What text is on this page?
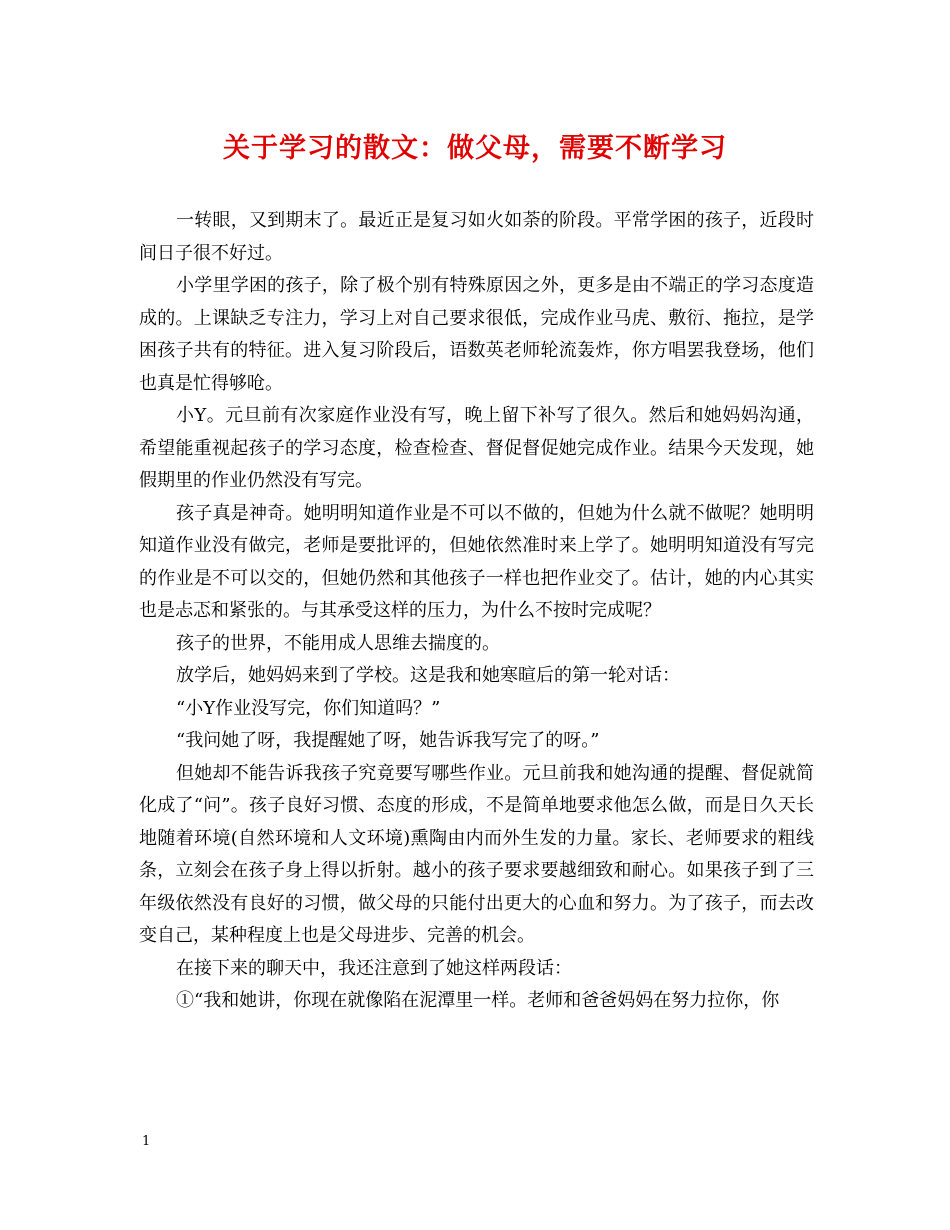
关于学习的散文：做父母，需要不断学习

一转眼，又到期末了。最近正是复习如火如荼的阶段。平常学困的孩子，近段时间日子很不好过。

小学里学困的孩子，除了极个别有特殊原因之外，更多是由不端正的学习态度造成的。上课缺乏专注力，学习上对自己要求很低，完成作业马虎、敷衍、拖拉，是学困孩子共有的特征。进入复习阶段后，语数英老师轮流轰炸，你方唱罢我登场，他们也真是忙得够呛。

小Y。元旦前有次家庭作业没有写，晚上留下补写了很久。然后和她妈妈沟通，希望能重视起孩子的学习态度，检查检查、督促督促她完成作业。结果今天发现，她假期里的作业仍然没有写完。

孩子真是神奇。她明明知道作业是不可以不做的，但她为什么就不做呢？她明明知道作业没有做完，老师是要批评的，但她依然准时来上学了。她明明知道没有写完的作业是不可以交的，但她仍然和其他孩子一样也把作业交了。估计，她的内心其实也是忐忑和紧张的。与其承受这样的压力，为什么不按时完成呢？

孩子的世界，不能用成人思维去揣度的。

放学后，她妈妈来到了学校。这是我和她寒暄后的第一轮对话：

“小Y作业没写完，你们知道吗？”

“我问她了呀，我提醒她了呀，她告诉我写完了的呀。”

但她却不能告诉我孩子究竟要写哪些作业。元旦前我和她沟通的提醒、督促就简化成了“问”。孩子良好习惯、态度的形成，不是简单地要求他怎么做，而是日久天长地随着环境(自然环境和人文环境)熏陶由内而外生发的力量。家长、老师要求的粗线条，立刻会在孩子身上得以折射。越小的孩子要求要越细致和耐心。如果孩子到了三年级依然没有良好的习惯，做父母的只能付出更大的心血和努力。为了孩子，而去改变自己，某种程度上也是父母进步、完善的机会。

在接下来的聊天中，我还注意到了她这样两段话：

①“我和她讲，你现在就像陷在泥潭里一样。老师和爸爸妈妈在努力拉你，你

1
